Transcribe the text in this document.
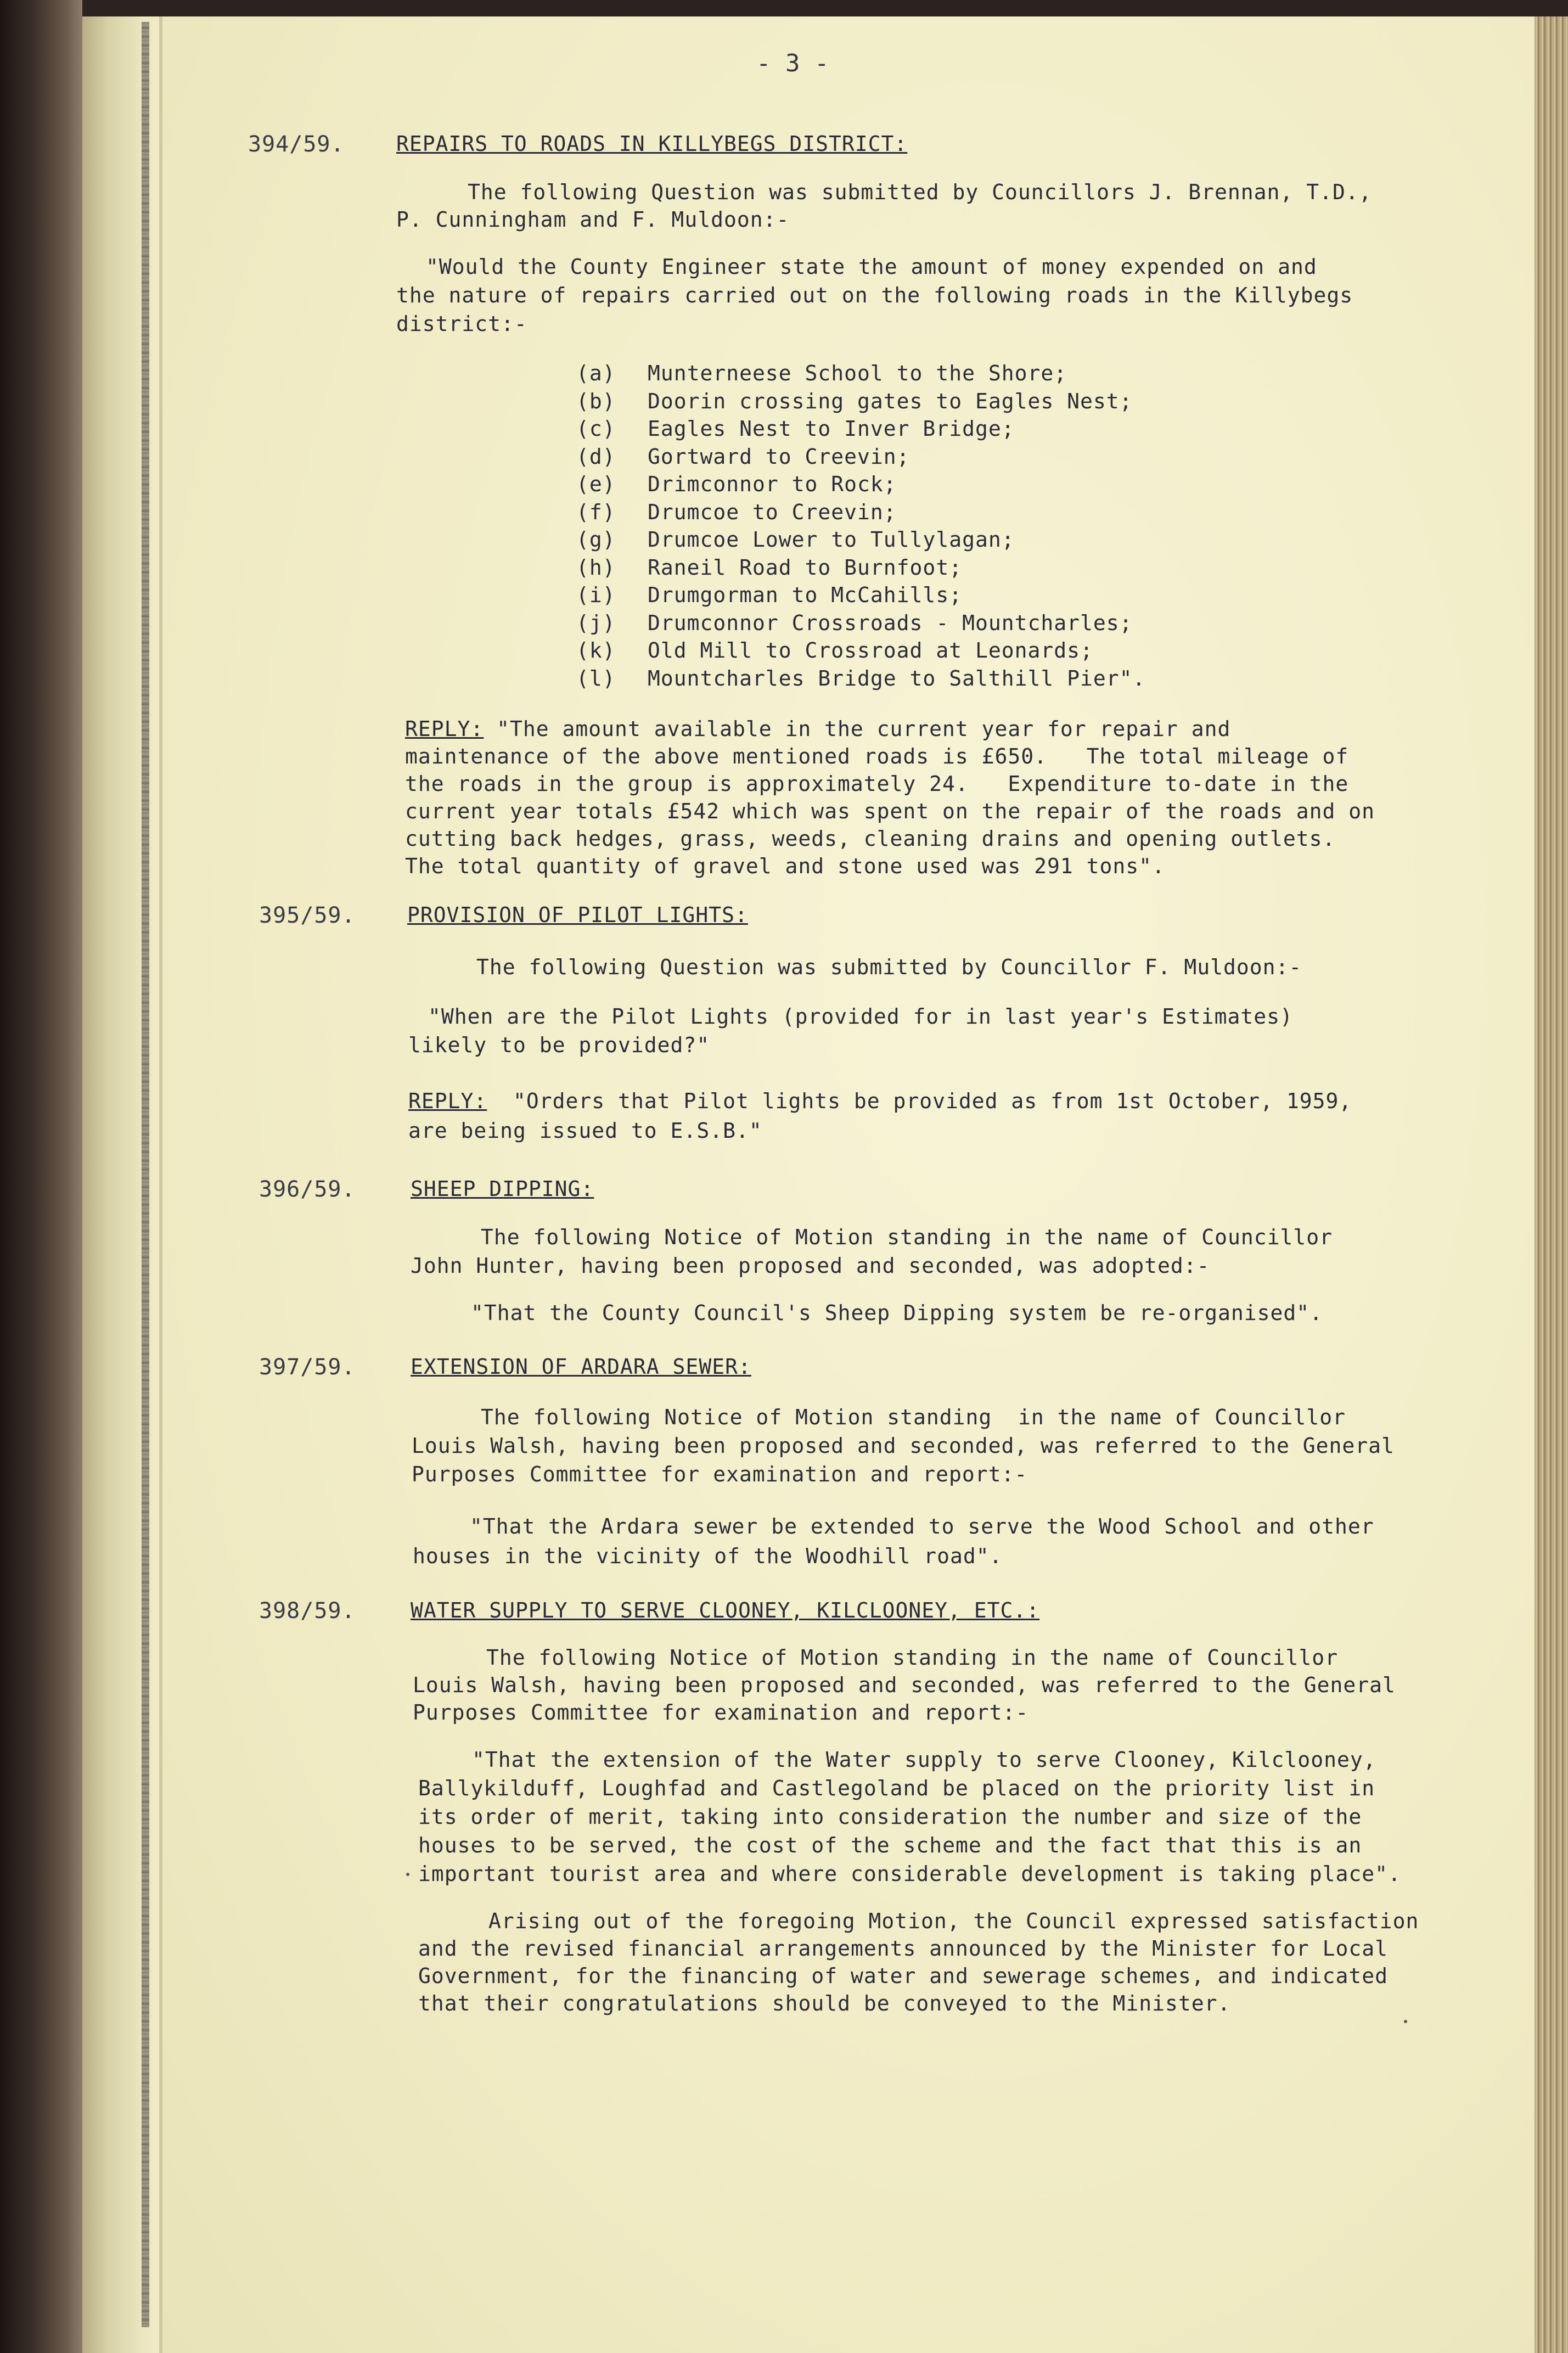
- 3 -
394/59. REPAIRS TO ROADS IN KILLYBEGS DISTRICT:
The following Question was submitted by Councillors J. Brennan, T.D.,
P. Cunningham and F. Muldoon:-
"Would the County Engineer state the amount of money expended on and
the nature of repairs carried out on the following roads in the Killybegs
district:-
(a) Munterneese School to the Shore;
(b) Doorin crossing gates to Eagles Nest;
(c) Eagles Nest to Inver Bridge;
(d) Gortward to Creevin;
(e) Drimconnor to Rock;
(f) Drumcoe to Creevin;
(g) Drumcoe Lower to Tullylagan;
(h) Raneil Road to Burnfoot;
(i) Drumgorman to McCahills;
(j) Drumconnor Crossroads - Mountcharles;
(k) Old Mill to Crossroad at Leonards;
(l) Mountcharles Bridge to Salthill Pier".
REPLY: "The amount available in the current year for repair and
maintenance of the above mentioned roads is £650.   The total mileage of
the roads in the group is approximately 24.   Expenditure to-date in the
current year totals £542 which was spent on the repair of the roads and on
cutting back hedges, grass, weeds, cleaning drains and opening outlets.
The total quantity of gravel and stone used was 291 tons".
395/59. PROVISION OF PILOT LIGHTS:
The following Question was submitted by Councillor F. Muldoon:-
"When are the Pilot Lights (provided for in last year's Estimates)
likely to be provided?"
REPLY:  "Orders that Pilot lights be provided as from 1st October, 1959,
are being issued to E.S.B."
396/59.	SHEEP DIPPING:
The following Notice of Motion standing in the name of Councillor
John Hunter, having been proposed and seconded, was adopted:-
"That the County Council's Sheep Dipping system be re-organised".
397/59.	EXTENSION OF ARDARA SEWER:
The following Notice of Motion standing  in the name of Councillor
Louis Walsh, having been proposed and seconded, was referred to the General
Purposes Committee for examination and report:-
"That the Ardara sewer be extended to serve the Wood School and other
houses in the vicinity of the Woodhill road".
398/59.	WATER SUPPLY TO SERVE CLOONEY, KILCLOONEY, ETC.:
The following Notice of Motion standing in the name of Councillor
Louis Walsh, having been proposed and seconded, was referred to the General
Purposes Committee for examination and report:-
"That the extension of the Water supply to serve Clooney, Kilclooney,
Ballykilduff, Loughfad and Castlegoland be placed on the priority list in
its order of merit, taking into consideration the number and size of the
houses to be served, the cost of the scheme and the fact that this is an
important tourist area and where considerable development is taking place".
Arising out of the foregoing Motion, the Council expressed satisfaction
and the revised financial arrangements announced by the Minister for Local
Government, for the financing of water and sewerage schemes, and indicated
that their congratulations should be conveyed to the Minister.
